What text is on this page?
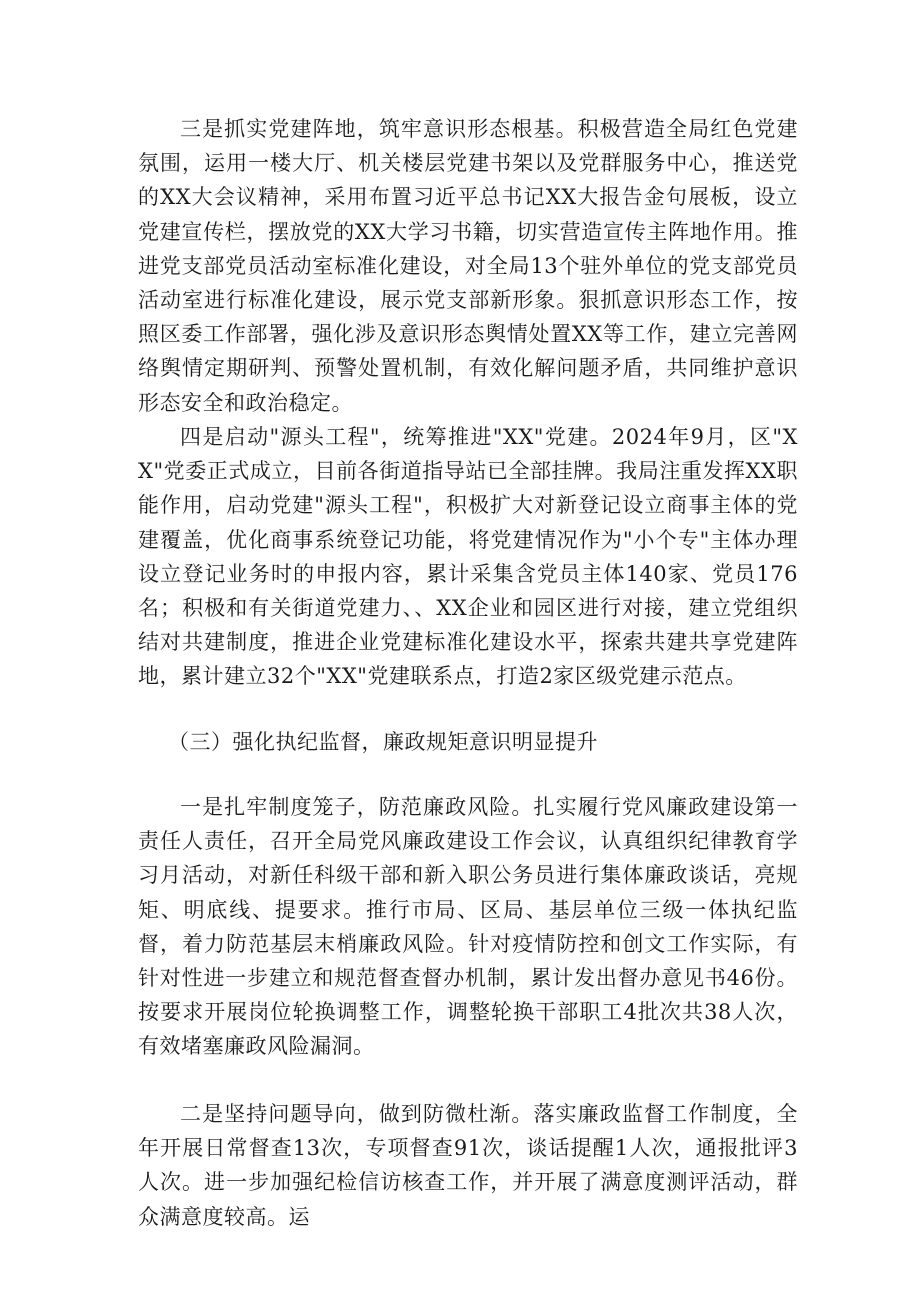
三是抓实党建阵地，筑牢意识形态根基。积极营造全局红色党建氛围，运用一楼大厅、机关楼层党建书架以及党群服务中心，推送党的XX大会议精神，采用布置习近平总书记XX大报告金句展板，设立党建宣传栏，摆放党的XX大学习书籍，切实营造宣传主阵地作用。推进党支部党员活动室标准化建设，对全局13个驻外单位的党支部党员活动室进行标准化建设，展示党支部新形象。狠抓意识形态工作，按照区委工作部署，强化涉及意识形态舆情处置XX等工作，建立完善网络舆情定期研判、预警处置机制，有效化解问题矛盾，共同维护意识形态安全和政治稳定。

四是启动"源头工程"，统筹推进"XX"党建。2024年9月，区"XX"党委正式成立，目前各街道指导站已全部挂牌。我局注重发挥XX职能作用，启动党建"源头工程"，积极扩大对新登记设立商事主体的党建覆盖，优化商事系统登记功能，将党建情况作为"小个专"主体办理设立登记业务时的申报内容，累计采集含党员主体140家、党员176名；积极和有关街道党建力、、XX企业和园区进行对接，建立党组织结对共建制度，推进企业党建标准化建设水平，探索共建共享党建阵地，累计建立32个"XX"党建联系点，打造2家区级党建示范点。

（三）强化执纪监督，廉政规矩意识明显提升

一是扎牢制度笼子，防范廉政风险。扎实履行党风廉政建设第一责任人责任，召开全局党风廉政建设工作会议，认真组织纪律教育学习月活动，对新任科级干部和新入职公务员进行集体廉政谈话，亮规矩、明底线、提要求。推行市局、区局、基层单位三级一体执纪监督，着力防范基层末梢廉政风险。针对疫情防控和创文工作实际，有针对性进一步建立和规范督查督办机制，累计发出督办意见书46份。按要求开展岗位轮换调整工作，调整轮换干部职工4批次共38人次，有效堵塞廉政风险漏洞。

二是坚持问题导向，做到防微杜渐。落实廉政监督工作制度，全年开展日常督查13次，专项督查91次，谈话提醒1人次，通报批评3人次。进一步加强纪检信访核查工作，并开展了满意度测评活动，群众满意度较高。运
